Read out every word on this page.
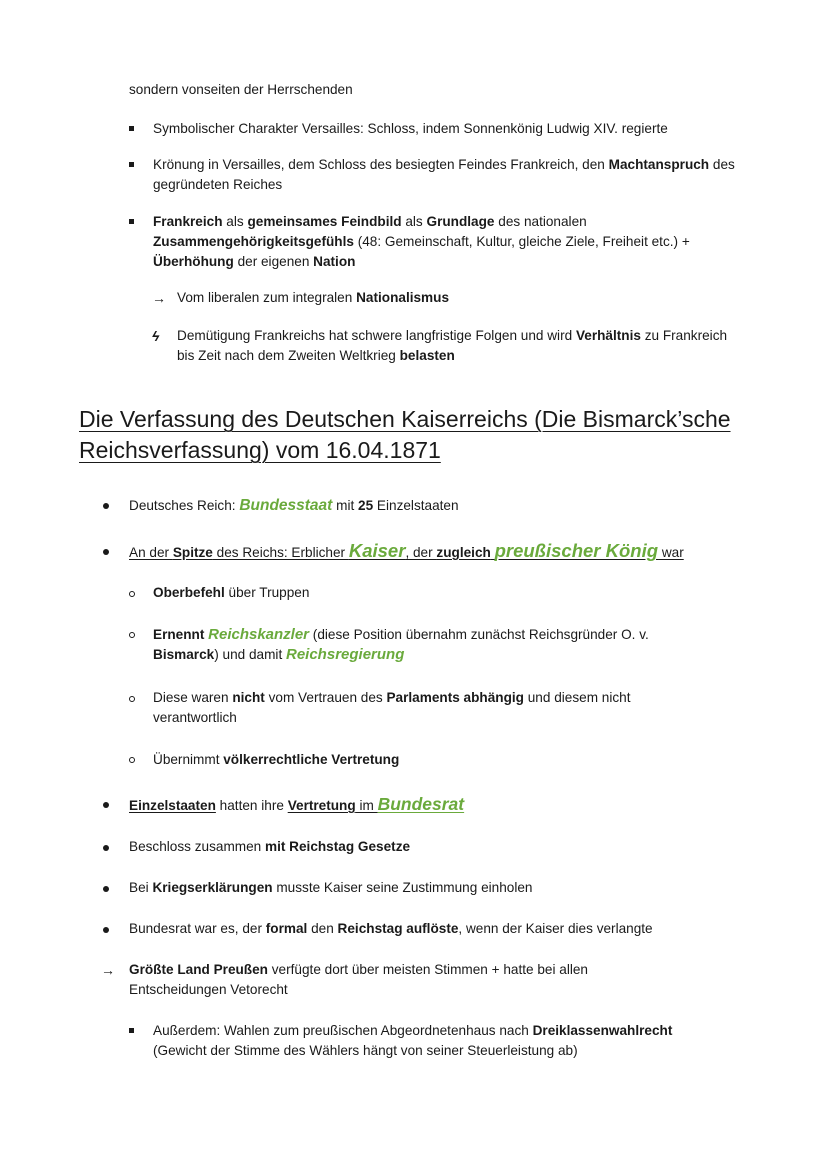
sondern vonseiten der Herrschenden
Symbolischer Charakter Versailles: Schloss, indem Sonnenkönig Ludwig XIV. regierte
Krönung in Versailles, dem Schloss des besiegten Feindes Frankreich, den Machtanspruch des
gegründeten Reiches
Frankreich als gemeinsames Feindbild als Grundlage des nationalen
Zusammengehörigkeitsgefühls (48: Gemeinschaft, Kultur, gleiche Ziele, Freiheit etc.) +
Überhöhung der eigenen Nation
→ Vom liberalen zum integralen Nationalismus
ϟ Demütigung Frankreichs hat schwere langfristige Folgen und wird Verhältnis zu Frankreich
bis Zeit nach dem Zweiten Weltkrieg belasten
Die Verfassung des Deutschen Kaiserreichs (Die Bismarck’sche
Reichsverfassung) vom 16.04.1871
Deutsches Reich: Bundesstaat mit 25 Einzelstaaten
An der Spitze des Reichs: Erblicher Kaiser, der zugleich preußischer König war
Oberbefehl über Truppen
Ernennt Reichskanzler (diese Position übernahm zunächst Reichsgründer O. v.
Bismarck) und damit Reichsregierung
Diese waren nicht vom Vertrauen des Parlaments abhängig und diesem nicht
verantwortlich
Übernimmt völkerrechtliche Vertretung
Einzelstaaten hatten ihre Vertretung im Bundesrat
Beschloss zusammen mit Reichstag Gesetze
Bei Kriegserklärungen musste Kaiser seine Zustimmung einholen
Bundesrat war es, der formal den Reichstag auflöste, wenn der Kaiser dies verlangte
→ Größte Land Preußen verfügte dort über meisten Stimmen + hatte bei allen
Entscheidungen Vetorecht
Außerdem: Wahlen zum preußischen Abgeordnetenhaus nach Dreiklassenwahlrecht
(Gewicht der Stimme des Wählers hängt von seiner Steuerleistung ab)
